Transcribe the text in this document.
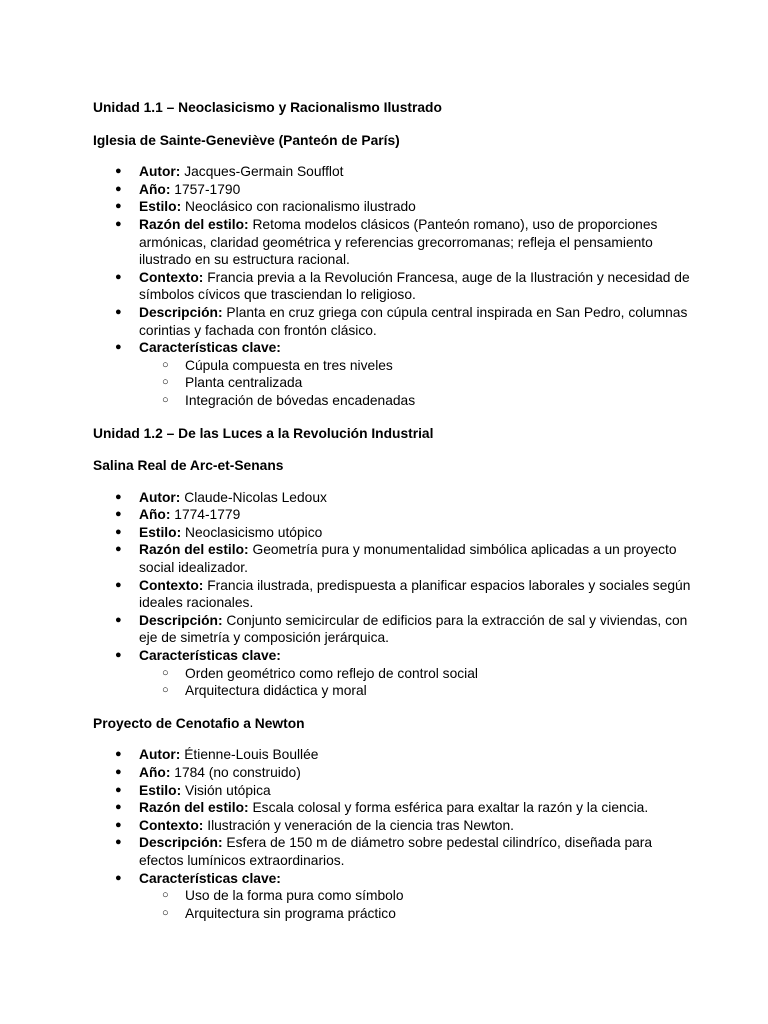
Unidad 1.1 – Neoclasicismo y Racionalismo Ilustrado

Iglesia de Sainte-Geneviève (Panteón de París)

● Autor: Jacques-Germain Soufflot
● Año: 1757-1790
● Estilo: Neoclásico con racionalismo ilustrado
● Razón del estilo: Retoma modelos clásicos (Panteón romano), uso de proporciones armónicas, claridad geométrica y referencias grecorromanas; refleja el pensamiento ilustrado en su estructura racional.
● Contexto: Francia previa a la Revolución Francesa, auge de la Ilustración y necesidad de símbolos cívicos que trasciendan lo religioso.
● Descripción: Planta en cruz griega con cúpula central inspirada en San Pedro, columnas corintias y fachada con frontón clásico.
● Características clave:
○ Cúpula compuesta en tres niveles
○ Planta centralizada
○ Integración de bóvedas encadenadas

Unidad 1.2 – De las Luces a la Revolución Industrial

Salina Real de Arc-et-Senans

● Autor: Claude-Nicolas Ledoux
● Año: 1774-1779
● Estilo: Neoclasicismo utópico
● Razón del estilo: Geometría pura y monumentalidad simbólica aplicadas a un proyecto social idealizador.
● Contexto: Francia ilustrada, predispuesta a planificar espacios laborales y sociales según ideales racionales.
● Descripción: Conjunto semicircular de edificios para la extracción de sal y viviendas, con eje de simetría y composición jerárquica.
● Características clave:
○ Orden geométrico como reflejo de control social
○ Arquitectura didáctica y moral

Proyecto de Cenotafio a Newton

● Autor: Étienne-Louis Boullée
● Año: 1784 (no construido)
● Estilo: Visión utópica
● Razón del estilo: Escala colosal y forma esférica para exaltar la razón y la ciencia.
● Contexto: Ilustración y veneración de la ciencia tras Newton.
● Descripción: Esfera de 150 m de diámetro sobre pedestal cilindríco, diseñada para efectos lumínicos extraordinarios.
● Características clave:
○ Uso de la forma pura como símbolo
○ Arquitectura sin programa práctico
